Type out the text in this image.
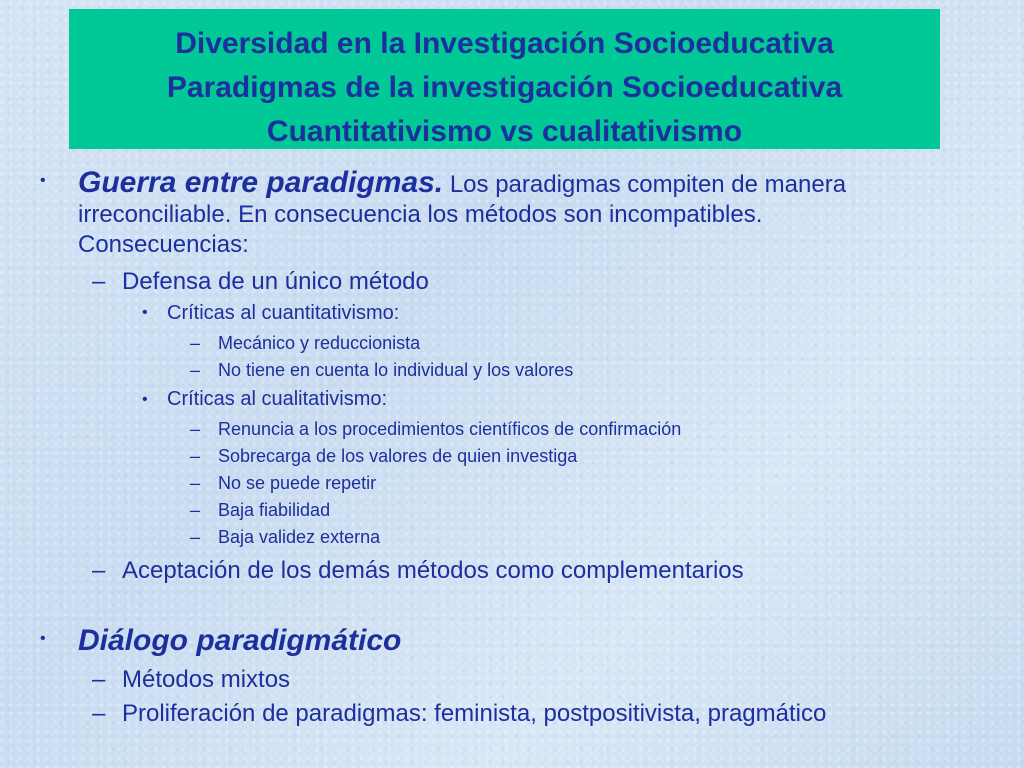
Diversidad en la Investigación Socioeducativa
Paradigmas de la investigación Socioeducativa
Cuantitativismo vs cualitativismo
• Guerra entre paradigmas. Los paradigmas compiten de manera
irreconciliable. En consecuencia los métodos son incompatibles.
Consecuencias:
– Defensa de un único método
• Críticas al cuantitativismo:
– Mecánico y reduccionista
– No tiene en cuenta lo individual y los valores
• Críticas al cualitativismo:
– Renuncia a los procedimientos científicos de confirmación
– Sobrecarga de los valores de quien investiga
– No se puede repetir
– Baja fiabilidad
– Baja validez externa
– Aceptación de los demás métodos como complementarios
• Diálogo paradigmático
– Métodos mixtos
– Proliferación de paradigmas: feminista, postpositivista, pragmático
